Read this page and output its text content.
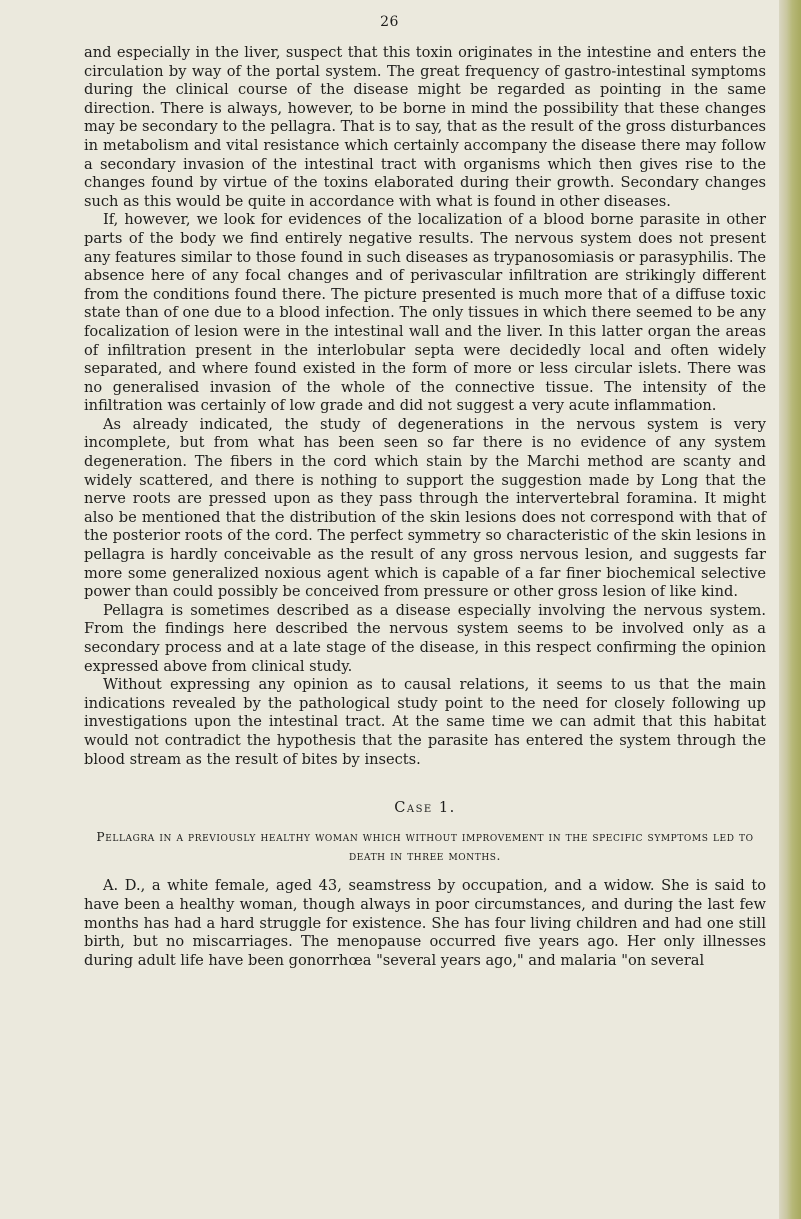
26

and especially in the liver, suspect that this toxin originates in the intestine and enters the circulation by way of the portal system. The great frequency of gastro-intestinal symptoms during the clinical course of the disease might be regarded as pointing in the same direction. There is always, however, to be borne in mind the possibility that these changes may be secondary to the pellagra. That is to say, that as the result of the gross disturbances in metabolism and vital resistance which certainly accompany the disease there may follow a secondary invasion of the intestinal tract with organisms which then gives rise to the changes found by virtue of the toxins elaborated during their growth. Secondary changes such as this would be quite in accordance with what is found in other diseases.

If, however, we look for evidences of the localization of a blood borne parasite in other parts of the body we find entirely negative results. The nervous system does not present any features similar to those found in such diseases as trypanosomiasis or parasyphilis. The absence here of any focal changes and of perivascular infiltration are strikingly different from the conditions found there. The picture presented is much more that of a diffuse toxic state than of one due to a blood infection. The only tissues in which there seemed to be any focalization of lesion were in the intestinal wall and the liver. In this latter organ the areas of infiltration present in the interlobular septa were decidedly local and often widely separated, and where found existed in the form of more or less circular islets. There was no generalised invasion of the whole of the connective tissue. The intensity of the infiltration was certainly of low grade and did not suggest a very acute inflammation.

As already indicated, the study of degenerations in the nervous system is very incomplete, but from what has been seen so far there is no evidence of any system degeneration. The fibers in the cord which stain by the Marchi method are scanty and widely scattered, and there is nothing to support the suggestion made by Long that the nerve roots are pressed upon as they pass through the intervertebral foramina. It might also be mentioned that the distribution of the skin lesions does not correspond with that of the posterior roots of the cord. The perfect symmetry so characteristic of the skin lesions in pellagra is hardly conceivable as the result of any gross nervous lesion, and suggests far more some generalized noxious agent which is capable of a far finer biochemical selective power than could possibly be conceived from pressure or other gross lesion of like kind.

Pellagra is sometimes described as a disease especially involving the nervous system. From the findings here described the nervous system seems to be involved only as a secondary process and at a late stage of the disease, in this respect confirming the opinion expressed above from clinical study.

Without expressing any opinion as to causal relations, it seems to us that the main indications revealed by the pathological study point to the need for closely following up investigations upon the intestinal tract. At the same time we can admit that this habitat would not contradict the hypothesis that the parasite has entered the system through the blood stream as the result of bites by insects.

Case 1.
Pellagra in a previously healthy woman which without improvement in the specific symptoms led to death in three months.

A. D., a white female, aged 43, seamstress by occupation, and a widow. She is said to have been a healthy woman, though always in poor circumstances, and during the last few months has had a hard struggle for existence. She has four living children and had one still birth, but no miscarriages. The menopause occurred five years ago. Her only illnesses during adult life have been gonorrhœa "several years ago," and malaria "on several
